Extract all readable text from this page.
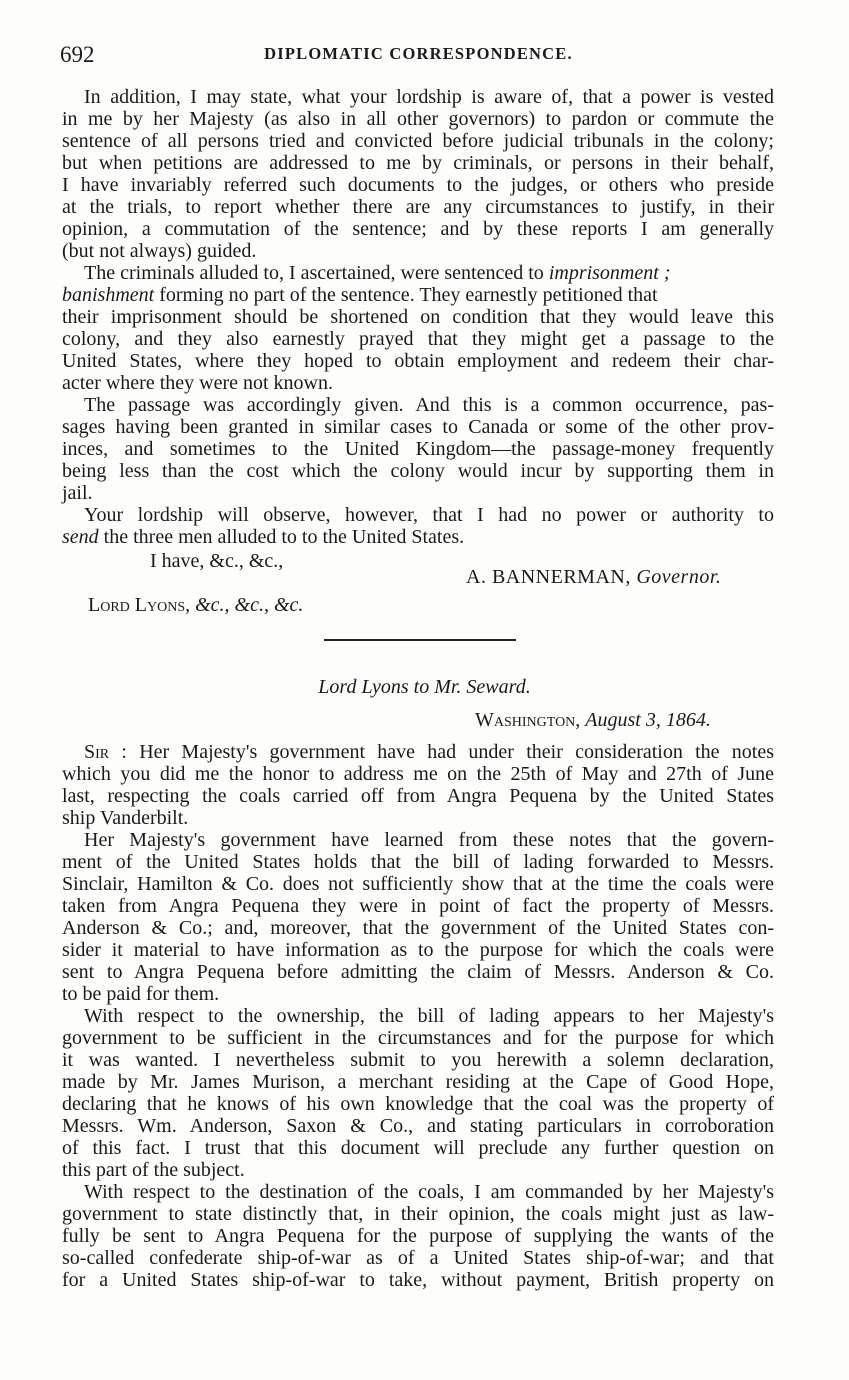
692	DIPLOMATIC CORRESPONDENCE.
In addition, I may state, what your lordship is aware of, that a power is vested
in me by her Majesty (as also in all other governors) to pardon or commute the
sentence of all persons tried and convicted before judicial tribunals in the colony;
but when petitions are addressed to me by criminals, or persons in their behalf,
I have invariably referred such documents to the judges, or others who preside
at the trials, to report whether there are any circumstances to justify, in their
opinion, a commutation of the sentence; and by these reports I am generally
(but not always) guided.
The criminals alluded to, I ascertained, were sentenced to imprisonment ;
banishment forming no part of the sentence. They earnestly petitioned that
their imprisonment should be shortened on condition that they would leave this
colony, and they also earnestly prayed that they might get a passage to the
United States, where they hoped to obtain employment and redeem their char-
acter where they were not known.
The passage was accordingly given. And this is a common occurrence, pas-
sages having been granted in similar cases to Canada or some of the other prov-
inces, and sometimes to the United Kingdom—the passage-money frequently
being less than the cost which the colony would incur by supporting them in
jail.
Your lordship will observe, however, that I had no power or authority to
send the three men alluded to to the United States.
I have, &c., &c.,
A. BANNERMAN, Governor.
Lord Lyons, &c., &c., &c.
Lord Lyons to Mr. Seward.
Washington, August 3, 1864.
Sir : Her Majesty's government have had under their consideration the notes
which you did me the honor to address me on the 25th of May and 27th of June
last, respecting the coals carried off from Angra Pequena by the United States
ship Vanderbilt.
Her Majesty's government have learned from these notes that the govern-
ment of the United States holds that the bill of lading forwarded to Messrs.
Sinclair, Hamilton & Co. does not sufficiently show that at the time the coals were
taken from Angra Pequena they were in point of fact the property of Messrs.
Anderson & Co.; and, moreover, that the government of the United States con-
sider it material to have information as to the purpose for which the coals were
sent to Angra Pequena before admitting the claim of Messrs. Anderson & Co.
to be paid for them.
With respect to the ownership, the bill of lading appears to her Majesty's
government to be sufficient in the circumstances and for the purpose for which
it was wanted. I nevertheless submit to you herewith a solemn declaration,
made by Mr. James Murison, a merchant residing at the Cape of Good Hope,
declaring that he knows of his own knowledge that the coal was the property of
Messrs. Wm. Anderson, Saxon & Co., and stating particulars in corroboration
of this fact. I trust that this document will preclude any further question on
this part of the subject.
With respect to the destination of the coals, I am commanded by her Majesty's
government to state distinctly that, in their opinion, the coals might just as law-
fully be sent to Angra Pequena for the purpose of supplying the wants of the
so-called confederate ship-of-war as of a United States ship-of-war; and that
for a United States ship-of-war to take, without payment, British property on
